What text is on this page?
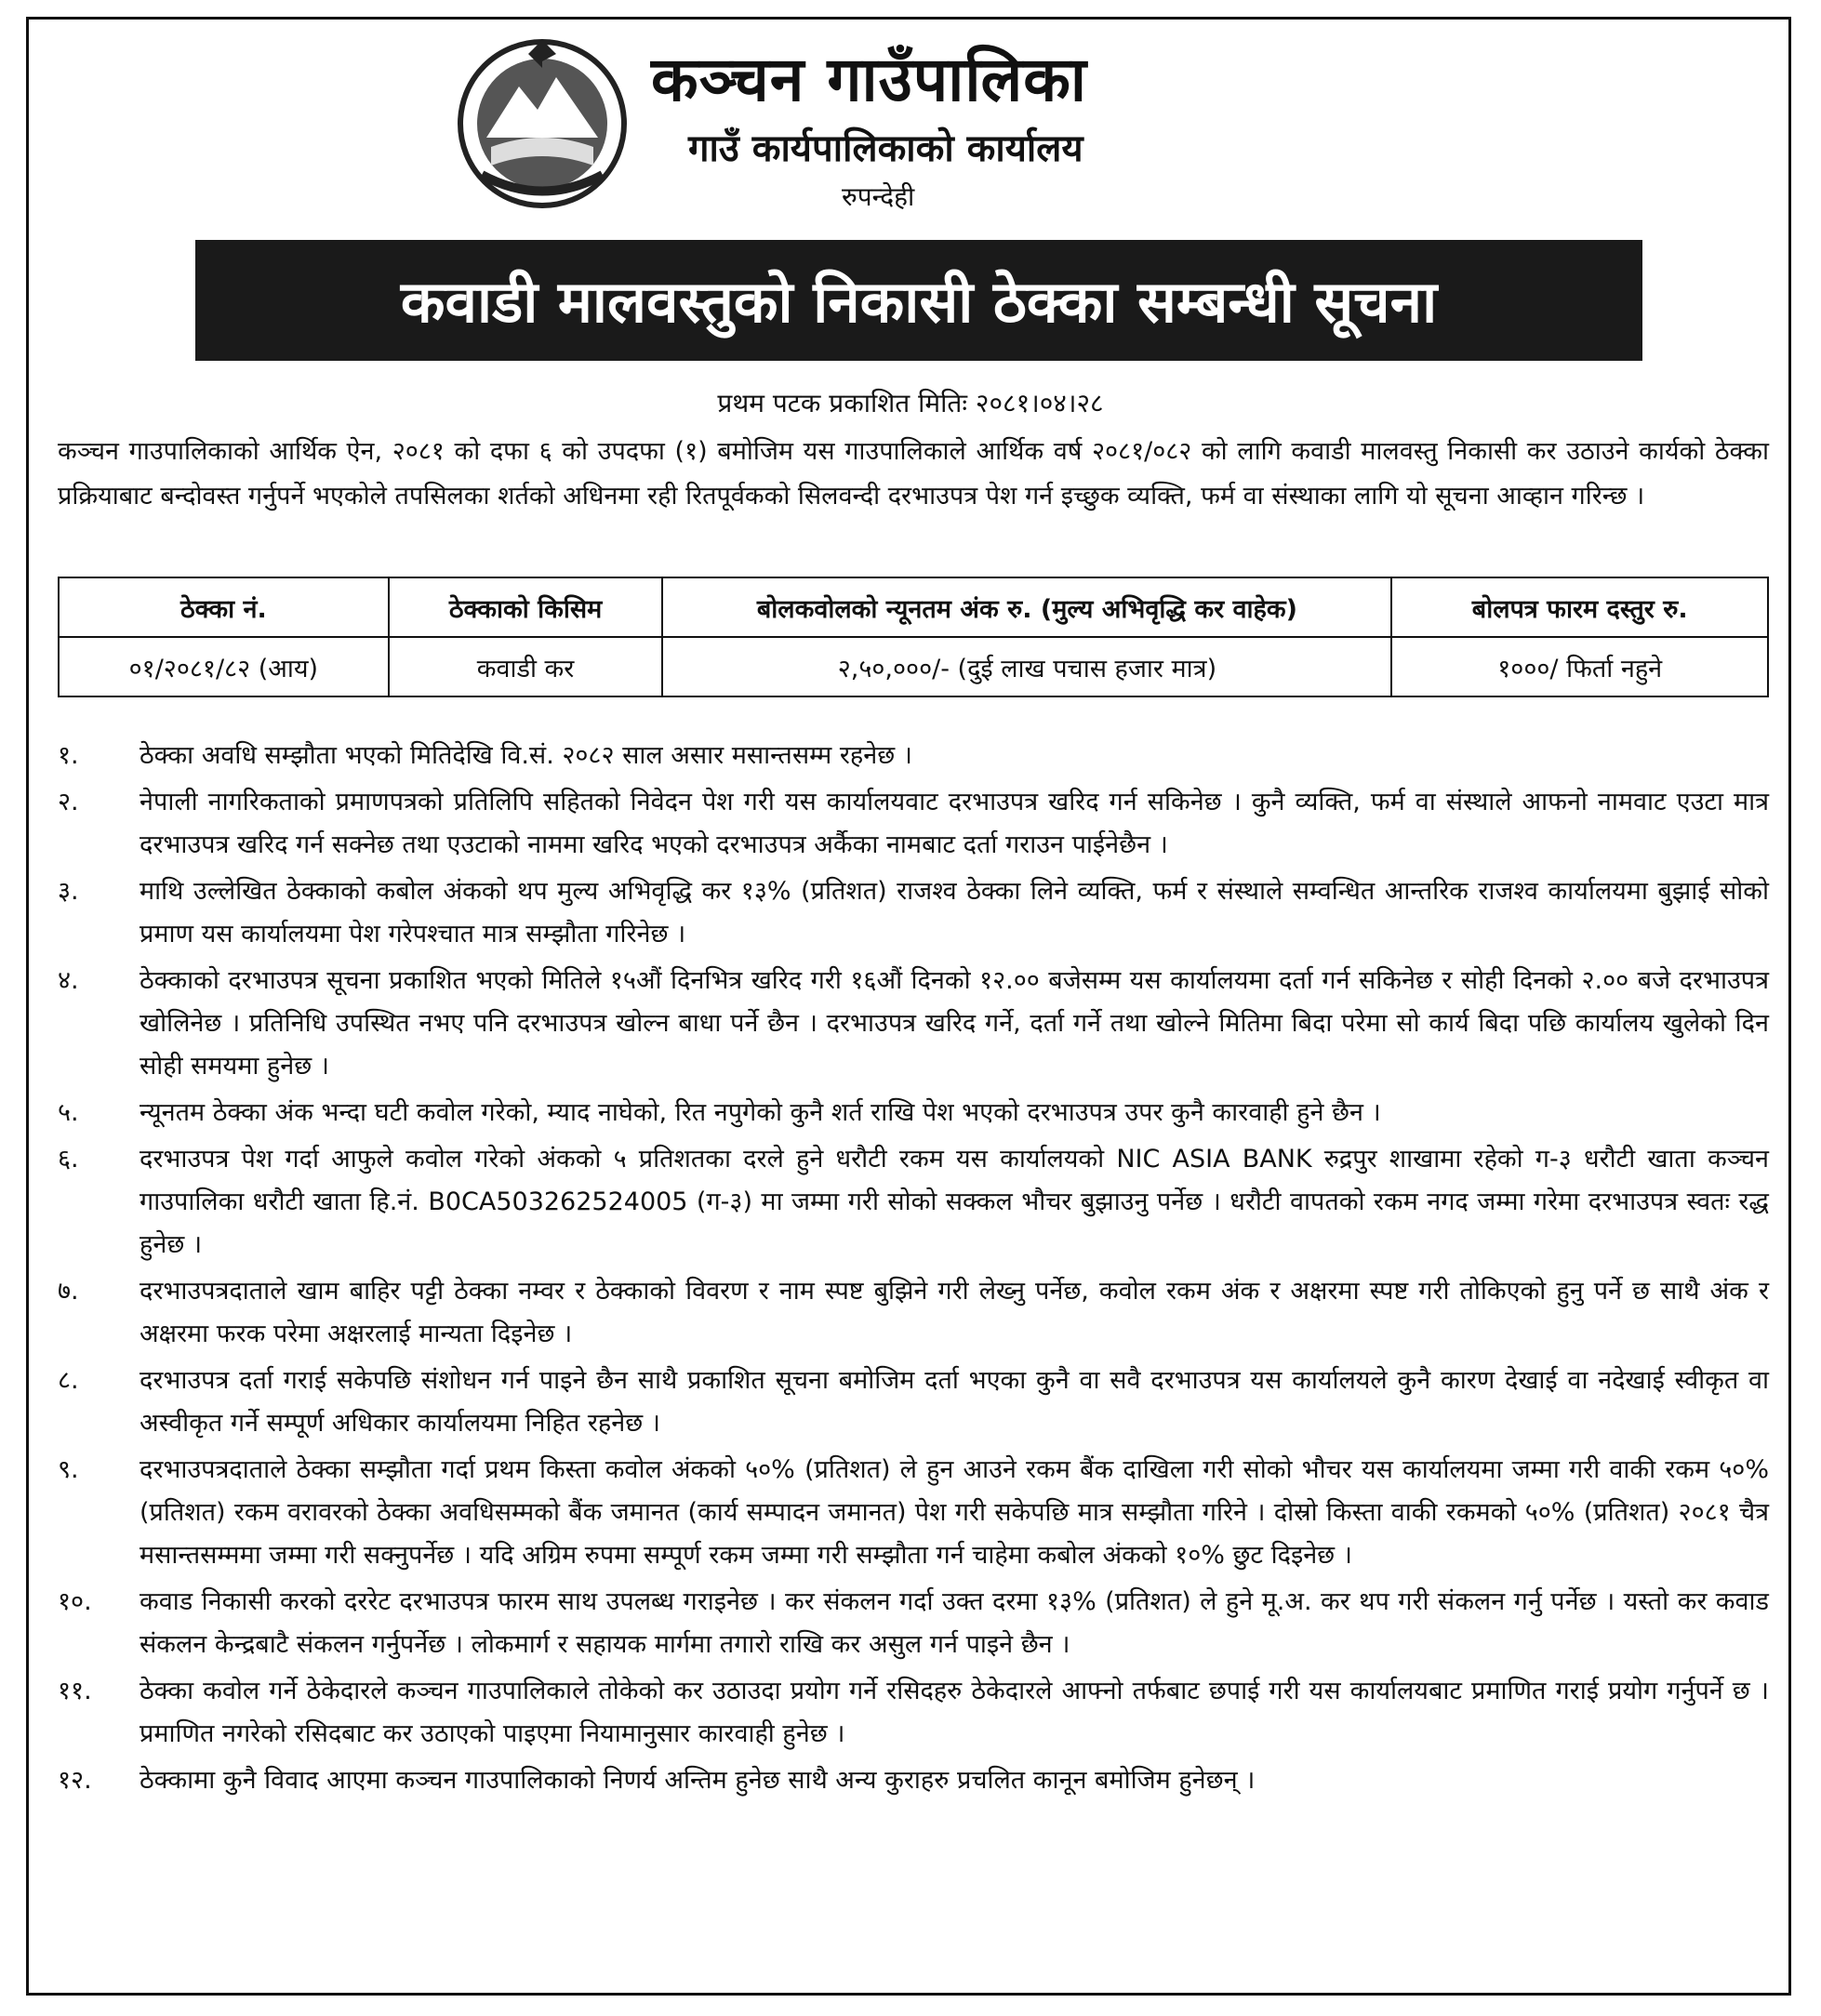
कञ्चन गाउँपालिका
गाउँ कार्यपालिकाको कार्यालय
रुपन्देही
कवाडी मालवस्तुको निकासी ठेक्का सम्बन्धी सूचना
प्रथम पटक प्रकाशित मितिः २०८१।०४।२८
कञ्चन गाउपालिकाको आर्थिक ऐन, २०८१ को दफा ६ को उपदफा (१) बमोजिम यस गाउपालिकाले आर्थिक वर्ष २०८१/०८२ को लागि कवाडी मालवस्तु निकासी कर उठाउने कार्यको ठेक्का प्रक्रियाबाट बन्दोवस्त गर्नुपर्ने भएकोले तपसिलका शर्तको अधिनमा रही रितपूर्वकको सिलवन्दी दरभाउपत्र पेश गर्न इच्छुक व्यक्ति, फर्म वा संस्थाका लागि यो सूचना आव्हान गरिन्छ ।
ठेक्का नं.	ठेक्काको किसिम	बोलकवोलको न्यूनतम अंक रु. (मुल्य अभिवृद्धि कर वाहेक)	बोलपत्र फारम दस्तुर रु.
०१/२०८१/८२ (आय)	कवाडी कर	२,५०,०००/- (दुई लाख पचास हजार मात्र)	१०००/ फिर्ता नहुने
१.	ठेक्का अवधि सम्झौता भएको मितिदेखि वि.सं. २०८२ साल असार मसान्तसम्म रहनेछ ।
२.	नेपाली नागरिकताको प्रमाणपत्रको प्रतिलिपि सहितको निवेदन पेश गरी यस कार्यालयवाट दरभाउपत्र खरिद गर्न सकिनेछ । कुनै व्यक्ति, फर्म वा संस्थाले आफनो नामवाट एउटा मात्र दरभाउपत्र खरिद गर्न सक्नेछ तथा एउटाको नाममा खरिद भएको दरभाउपत्र अर्कैका नामबाट दर्ता गराउन पाईनेछैन ।
३.	माथि उल्लेखित ठेक्काको कबोल अंकको थप मुल्य अभिवृद्धि कर १३% (प्रतिशत) राजश्व ठेक्का लिने व्यक्ति, फर्म र संस्थाले सम्वन्धित आन्तरिक राजश्व कार्यालयमा बुझाई सोको प्रमाण यस कार्यालयमा पेश गरेपश्चात मात्र सम्झौता गरिनेछ ।
४.	ठेक्काको दरभाउपत्र सूचना प्रकाशित भएको मितिले १५औं दिनभित्र खरिद गरी १६औं दिनको १२.०० बजेसम्म यस कार्यालयमा दर्ता गर्न सकिनेछ र सोही दिनको २.०० बजे दरभाउपत्र खोलिनेछ । प्रतिनिधि उपस्थित नभए पनि दरभाउपत्र खोल्न बाधा पर्ने छैन । दरभाउपत्र खरिद गर्ने, दर्ता गर्ने तथा खोल्ने मितिमा बिदा परेमा सो कार्य बिदा पछि कार्यालय खुलेको दिन सोही समयमा हुनेछ ।
५.	न्यूनतम ठेक्का अंक भन्दा घटी कवोल गरेको, म्याद नाघेको, रित नपुगेको कुनै शर्त राखि पेश भएको दरभाउपत्र उपर कुनै कारवाही हुने छैन ।
६.	दरभाउपत्र पेश गर्दा आफुले कवोल गरेको अंकको ५ प्रतिशतका दरले हुने धरौटी रकम यस कार्यालयको NIC ASIA BANK रुद्रपुर शाखामा रहेको ग-३ धरौटी खाता कञ्चन गाउपालिका धरौटी खाता हि.नं. B0CA503262524005 (ग-३) मा जम्मा गरी सोको सक्कल भौचर बुझाउनु पर्नेछ । धरौटी वापतको रकम नगद जम्मा गरेमा दरभाउपत्र स्वतः रद्ध हुनेछ ।
७.	दरभाउपत्रदाताले खाम बाहिर पट्टी ठेक्का नम्वर र ठेक्काको विवरण र नाम स्पष्ट बुझिने गरी लेख्नु पर्नेछ, कवोल रकम अंक र अक्षरमा स्पष्ट गरी तोकिएको हुनु पर्ने छ साथै अंक र अक्षरमा फरक परेमा अक्षरलाई मान्यता दिइनेछ ।
८.	दरभाउपत्र दर्ता गराई सकेपछि संशोधन गर्न पाइने छैन साथै प्रकाशित सूचना बमोजिम दर्ता भएका कुनै वा सवै दरभाउपत्र यस कार्यालयले कुनै कारण देखाई वा नदेखाई स्वीकृत वा अस्वीकृत गर्ने सम्पूर्ण अधिकार कार्यालयमा निहित रहनेछ ।
९.	दरभाउपत्रदाताले ठेक्का सम्झौता गर्दा प्रथम किस्ता कवोल अंकको ५०% (प्रतिशत) ले हुन आउने रकम बैंक दाखिला गरी सोको भौचर यस कार्यालयमा जम्मा गरी वाकी रकम ५०% (प्रतिशत) रकम वरावरको ठेक्का अवधिसम्मको बैंक जमानत (कार्य सम्पादन जमानत) पेश गरी सकेपछि मात्र सम्झौता गरिने । दोस्रो किस्ता वाकी रकमको ५०% (प्रतिशत) २०८१ चैत्र मसान्तसम्ममा जम्मा गरी सक्नुपर्नेछ । यदि अग्रिम रुपमा सम्पूर्ण रकम जम्मा गरी सम्झौता गर्न चाहेमा कबोल अंकको १०% छुट दिइनेछ ।
१०.	कवाड निकासी करको दररेट दरभाउपत्र फारम साथ उपलब्ध गराइनेछ । कर संकलन गर्दा उक्त दरमा १३% (प्रतिशत) ले हुने मू.अ. कर थप गरी संकलन गर्नु पर्नेछ । यस्तो कर कवाड संकलन केन्द्रबाटै संकलन गर्नुपर्नेछ । लोकमार्ग र सहायक मार्गमा तगारो राखि कर असुल गर्न पाइने छैन ।
११.	ठेक्का कवोल गर्ने ठेकेदारले कञ्चन गाउपालिकाले तोकेको कर उठाउदा प्रयोग गर्ने रसिदहरु ठेकेदारले आफ्नो तर्फबाट छपाई गरी यस कार्यालयबाट प्रमाणित गराई प्रयोग गर्नुपर्ने छ । प्रमाणित नगरेको रसिदबाट कर उठाएको पाइएमा नियामानुसार कारवाही हुनेछ ।
१२.	ठेक्कामा कुनै विवाद आएमा कञ्चन गाउपालिकाको निणर्य अन्तिम हुनेछ साथै अन्य कुराहरु प्रचलित कानून बमोजिम हुनेछन् ।
